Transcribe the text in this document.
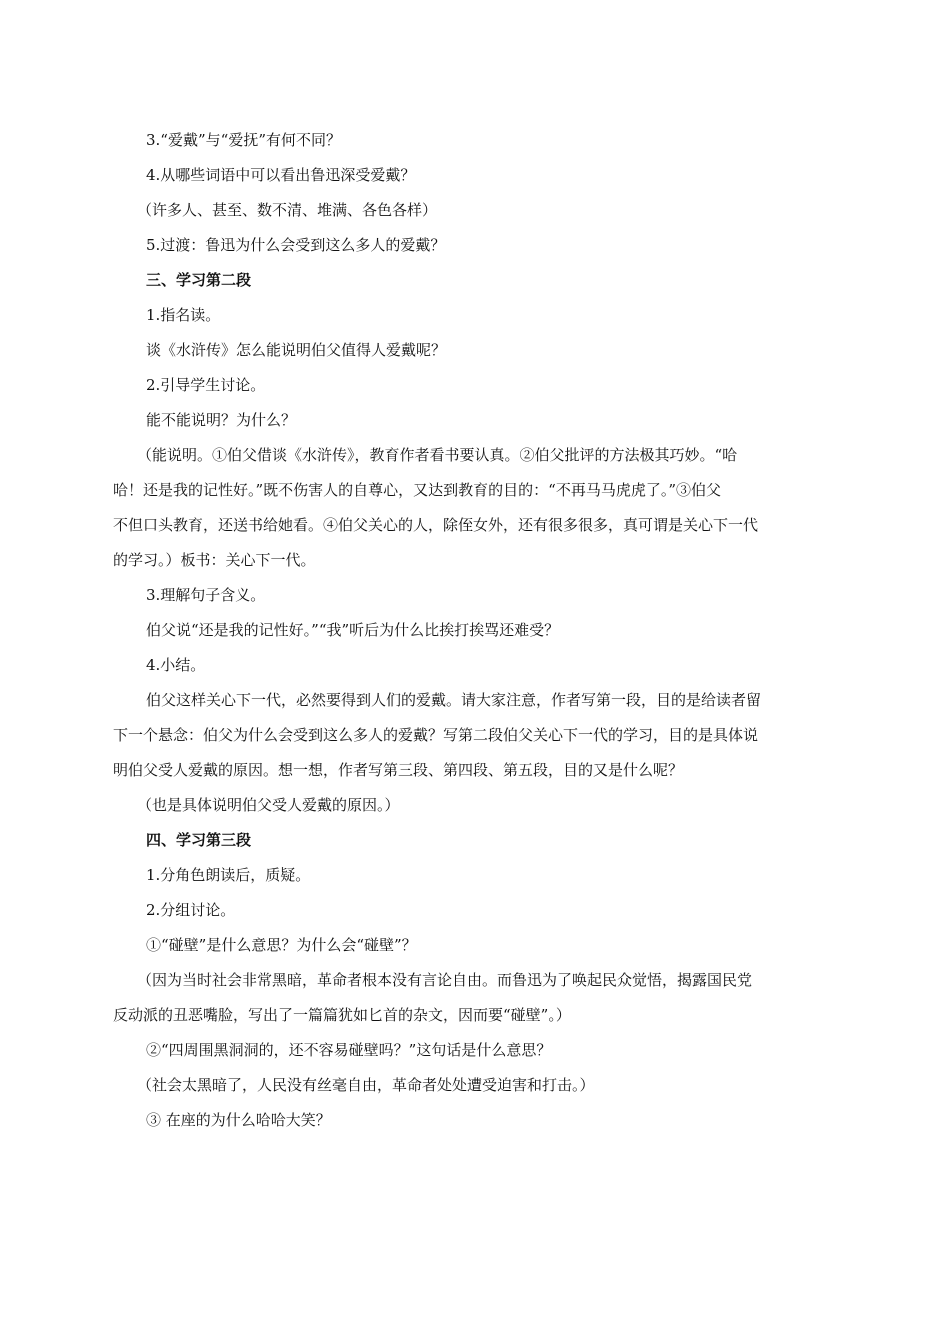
3.“爱戴”与“爱抚”有何不同？

4.从哪些词语中可以看出鲁迅深受爱戴？

（许多人、甚至、数不清、堆满、各色各样）

5.过渡：鲁迅为什么会受到这么多人的爱戴？

三、学习第二段

1.指名读。

谈《水浒传》怎么能说明伯父值得人爱戴呢？

2.引导学生讨论。

能不能说明？为什么？

（能说明。①伯父借谈《水浒传》，教育作者看书要认真。②伯父批评的方法极其巧妙。“哈

哈！还是我的记性好。”既不伤害人的自尊心，又达到教育的目的：“不再马马虎虎了。”③伯父

不但口头教育，还送书给她看。④伯父关心的人，除侄女外，还有很多很多，真可谓是关心下一代

的学习。）板书：关心下一代。

3.理解句子含义。

伯父说“还是我的记性好。”“我”听后为什么比挨打挨骂还难受？

4.小结。

伯父这样关心下一代，必然要得到人们的爱戴。请大家注意，作者写第一段，目的是给读者留

下一个悬念：伯父为什么会受到这么多人的爱戴？写第二段伯父关心下一代的学习，目的是具体说

明伯父受人爱戴的原因。想一想，作者写第三段、第四段、第五段，目的又是什么呢？

（也是具体说明伯父受人爱戴的原因。）

四、学习第三段

1.分角色朗读后，质疑。

2.分组讨论。

①“碰壁”是什么意思？为什么会“碰壁”？

（因为当时社会非常黑暗，革命者根本没有言论自由。而鲁迅为了唤起民众觉悟，揭露国民党

反动派的丑恶嘴脸，写出了一篇篇犹如匕首的杂文，因而要“碰壁”。）

②“四周围黑洞洞的，还不容易碰壁吗？”这句话是什么意思？

（社会太黑暗了，人民没有丝毫自由，革命者处处遭受迫害和打击。）

③ 在座的为什么哈哈大笑？
